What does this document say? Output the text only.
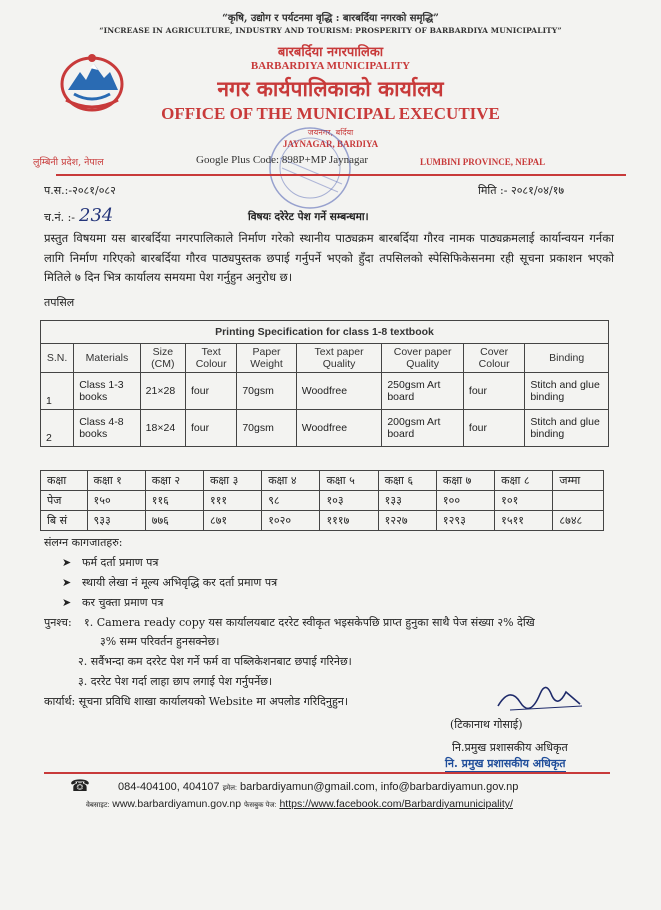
“कृषि, उद्योग र पर्यटनमा वृद्धि : बारबर्दिया नगरको समृद्धि”
“INCREASE IN AGRICULTURE, INDUSTRY AND TOURISM: PROSPERITY OF BARBARDIYA MUNICIPALITY”
बारबर्दिया नगरपालिका
BARBARDIYA MUNICIPALITY
नगर कार्यपालिकाको कार्यालय
OFFICE OF THE MUNICIPAL EXECUTIVE
जयनगर, बर्दिया
JAYNAGAR, BARDIYA
लुम्बिनी प्रदेश, नेपाल	Google Plus Code: 898P+MP Jaynagar	LUMBINI PROVINCE, NEPAL
प.स.:-२०८१/०८२	मिति :- २०८१/०४/१७
च.नं. :- 234	विषयः दरेरेट पेश गर्ने सम्बन्धमा।
प्रस्तुत विषयमा यस बारबर्दिया नगरपालिकाले निर्माण गरेको स्थानीय पाठ्यक्रम बारबर्दिया गौरव नामक पाठ्यक्रमलाई कार्यान्वयन गर्नका लागि निर्माण गरिएको बारबर्दिया गौरव पाठ्यपुस्तक छपाई गर्नुपर्ने भएको हुँदा तपसिलको स्पेसिफिकेसनमा रही सूचना प्रकाशन भएको मितिले ७ दिन भित्र कार्यालय समयमा पेश गर्नुहुन अनुरोध छ।
तपसिल
Printing Specification for class 1-8 textbook								
S.N.	Materials	Size (CM)	Text Colour	Paper Weight	Text paper Quality	Cover paper Quality	Cover Colour	Binding
1	Class 1-3 books	21×28	four	70gsm	Woodfree	250gsm Art board	four	Stitch and glue binding
2	Class 4-8 books	18×24	four	70gsm	Woodfree	200gsm Art board	four	Stitch and glue binding
कक्षा	कक्षा १	कक्षा २	कक्षा ३	कक्षा ४	कक्षा ५	कक्षा ६	कक्षा ७	कक्षा ८	जम्मा
पेज	१५०	११६	१११	९८	१०३	१३३	१००	१०१	
बि सं	९३३	७७६	८७१	१०२०	१११७	१२२७	१२९३	१५११	८७४८
संलग्न कागजातहरु:
➤ फर्म दर्ता प्रमाण पत्र
➤ स्थायी लेखा नं मूल्य अभिवृद्धि कर दर्ता प्रमाण पत्र
➤ कर चुक्ता प्रमाण पत्र
पुनश्च: १. Camera ready copy यस कार्यालयबाट दररेट स्वीकृत भइसकेपछि प्राप्त हुनुका साथै पेज संख्या २% देखि
३% सम्म परिवर्तन हुनसक्नेछ।
२. सर्वैभन्दा कम दररेट पेश गर्ने फर्म वा पब्लिकेशनबाट छपाई गरिनेछ।
३. दररेट पेश गर्दा लाहा छाप लगाई पेश गर्नुपर्नेछ।
कार्यार्थ: सूचना प्रविधि शाखा कार्यालयको Website मा अपलोड गरिदिनुहुन।
(टिकानाथ गोसाई)
नि.प्रमुख प्रशासकीय अधिकृत
नि. प्रमुख प्रशासकीय अधिकृत
☎	084-404100, 404107 इमेल: barbardiyamun@gmail.com, info@barbardiyamun.gov.np
वेबसाइट: www.barbardiyamun.gov.np फेसबुक पेज: https://www.facebook.com/Barbardiyamunicipality/
